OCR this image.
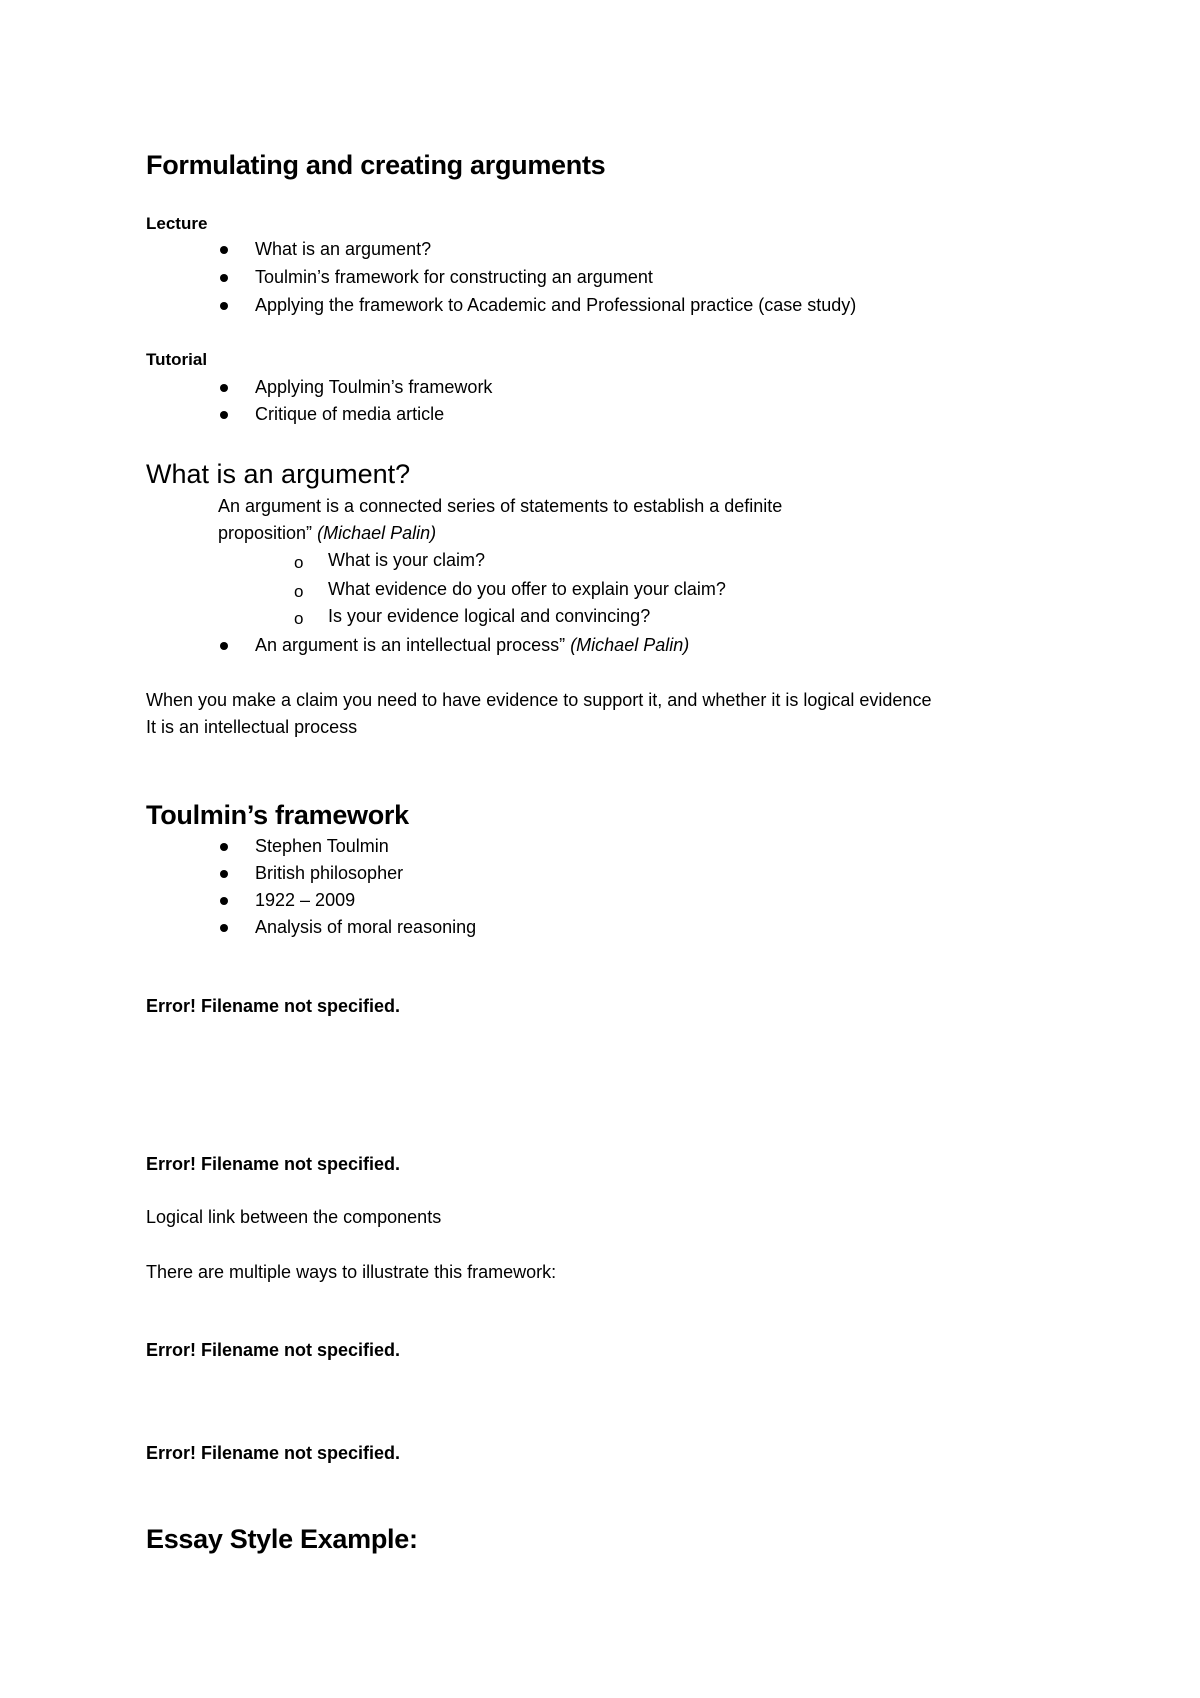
Formulating and creating arguments
Lecture
What is an argument?
Toulmin’s framework for constructing an argument
Applying the framework to Academic and Professional practice (case study)
Tutorial
Applying Toulmin’s framework
Critique of media article
What is an argument?
An argument is a connected series of statements to establish a definite
proposition” (Michael Palin)
o What is your claim?
o What evidence do you offer to explain your claim?
o Is your evidence logical and convincing?
An argument is an intellectual process” (Michael Palin)
When you make a claim you need to have evidence to support it, and whether it is logical evidence
It is an intellectual process
Toulmin’s framework
Stephen Toulmin
British philosopher
1922 – 2009
Analysis of moral reasoning
Error! Filename not specified.
Error! Filename not specified.
Logical link between the components
There are multiple ways to illustrate this framework:
Error! Filename not specified.
Error! Filename not specified.
Essay Style Example:
